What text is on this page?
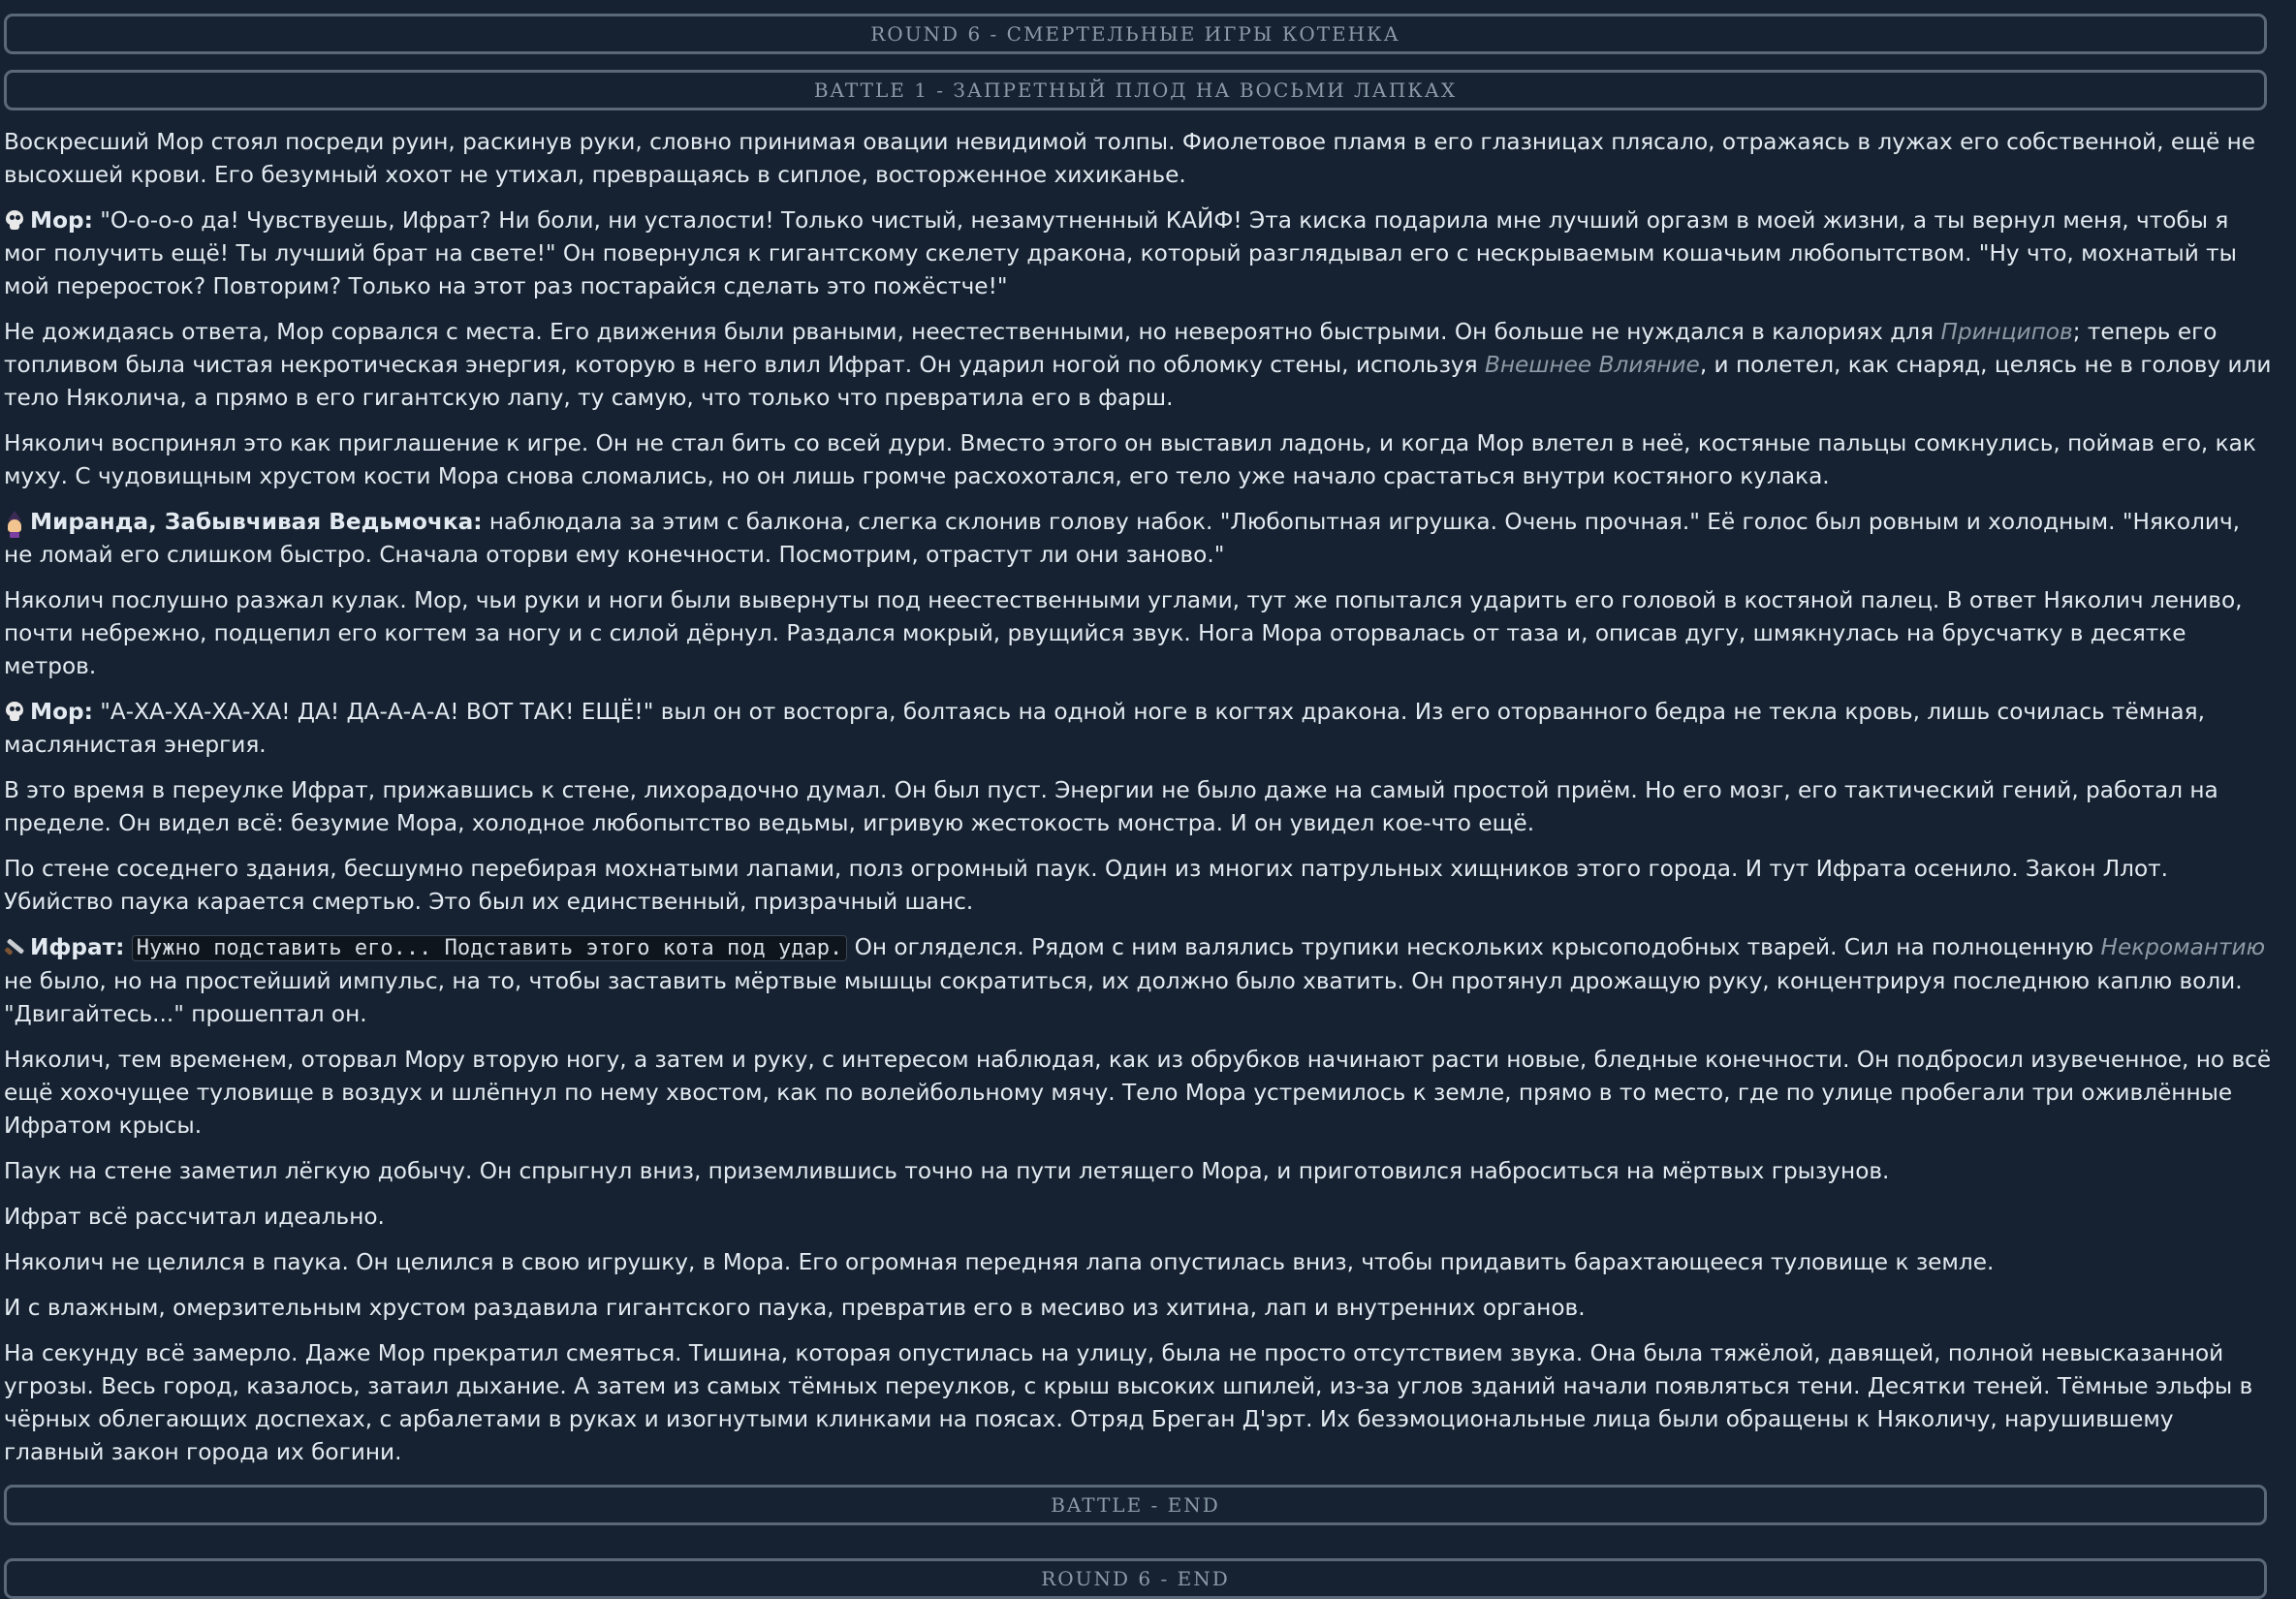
ROUND 6 - СМЕРТЕЛЬНЫЕ ИГРЫ КОТЕНКА
BATTLE 1 - ЗАПРЕТНЫЙ ПЛОД НА ВОСЬМИ ЛАПКАХ

Воскресший Мор стоял посреди руин, раскинув руки, словно принимая овации невидимой толпы. Фиолетовое пламя в его глазницах плясало, отражаясь в лужах его собственной, ещё не высохшей крови. Его безумный хохот не утихал, превращаясь в сиплое, восторженное хихиканье.

Мор: "О-о-о-о да! Чувствуешь, Ифрат? Ни боли, ни усталости! Только чистый, незамутненный КАЙФ! Эта киска подарила мне лучший оргазм в моей жизни, а ты вернул меня, чтобы я мог получить ещё! Ты лучший брат на свете!" Он повернулся к гигантскому скелету дракона, который разглядывал его с нескрываемым кошачьим любопытством. "Ну что, мохнатый ты мой переросток? Повторим? Только на этот раз постарайся сделать это пожёстче!"

Не дожидаясь ответа, Мор сорвался с места. Его движения были рваными, неестественными, но невероятно быстрыми. Он больше не нуждался в калориях для Принципов; теперь его топливом была чистая некротическая энергия, которую в него влил Ифрат. Он ударил ногой по обломку стены, используя Внешнее Влияние, и полетел, как снаряд, целясь не в голову или тело Няколича, а прямо в его гигантскую лапу, ту самую, что только что превратила его в фарш.

Някол​ич воспринял это как приглашение к игре. Он не стал бить со всей дури. Вместо этого он выставил ладонь, и когда Мор влетел в неё, костяные пальцы сомкнулись, поймав его, как муху. С чудовищным хрустом кости Мора снова сломались, но он лишь громче расхохотался, его тело уже начало срастаться внутри костяного кулака.

Миранда, Забывчивая Ведьмочка: наблюдала за этим с балкона, слегка склонив голову набок. "Любопытная игрушка. Очень прочная." Её голос был ровным и холодным. "Някол​ич, не ломай его слишком быстро. Сначала оторви ему конечности. Посмотрим, отрастут ли они заново."

Някол​ич послушно разжал кулак. Мор, чьи руки и ноги были вывернуты под неестественными углами, тут же попытался ударить его головой в костяной палец. В ответ Някол​ич лениво, почти небрежно, подцепил его когтем за ногу и с силой дёрнул. Раздался мокрый, рвущийся звук. Нога Мора оторвалась от таза и, описав дугу, шмякнулась на брусчатку в десятке метров.

Мор: "А-ХА-ХА-ХА-ХА! ДА! ДА-А-А-А! ВОТ ТАК! ЕЩЁ!" выл он от восторга, болтаясь на одной ноге в когтях дракона. Из его оторванного бедра не текла кровь, лишь сочилась тёмная, маслянистая энергия.

В это время в переулке Ифрат, прижавшись к стене, лихорадочно думал. Он был пуст. Энергии не было даже на самый простой приём. Но его мозг, его тактический гений, работал на пределе. Он видел всё: безумие Мора, холодное любопытство ведьмы, игривую жестокость монстра. И он увидел кое-что ещё.

По стене соседнего здания, бесшумно перебирая мохнатыми лапами, полз огромный паук. Один из многих патрульных хищников этого города. И тут Ифрата осенило. Закон Ллот. Убийство паука карается смертью. Это был их единственный, призрачный шанс.

Ифрат: Нужно подставить его... Подставить этого кота под удар. Он огляделся. Рядом с ним валялись трупики нескольких крысоподобных тварей. Сил на полноценную Некромантию не было, но на простейший импульс, на то, чтобы заставить мёртвые мышцы сократиться, их должно было хватить. Он протянул дрожащую руку, концентрируя последнюю каплю воли. "Двигайтесь..." прошептал он.

Някол​ич, тем временем, оторвал Мору вторую ногу, а затем и руку, с интересом наблюдая, как из обрубков начинают расти новые, бледные конечности. Он подбросил изувеченное, но всё ещё хохочущее туловище в воздух и шлёпнул по нему хвостом, как по волейбольному мячу. Тело Мора устремилось к земле, прямо в то место, где по улице пробегали три оживлённые Ифратом крысы.

Паук на стене заметил лёгкую добычу. Он спрыгнул вниз, приземлившись точно на пути летящего Мора, и приготовился наброситься на мёртвых грызунов.

Ифрат всё рассчитал идеально.

Някол​ич не целился в паука. Он целился в свою игрушку, в Мора. Его огромная передняя лапа опустилась вниз, чтобы придавить барахтающееся туловище к земле.

И с влажным, омерзительным хрустом раздавила гигантского паука, превратив его в месиво из хитина, лап и внутренних органов.

На секунду всё замерло. Даже Мор прекратил смеяться. Тишина, которая опустилась на улицу, была не просто отсутствием звука. Она была тяжёлой, давящей, полной невысказанной угрозы. Весь город, казалось, затаил дыхание. А затем из самых тёмных переулков, с крыш высоких шпилей, из-за углов зданий начали появляться тени. Десятки теней. Тёмные эльфы в чёрных облегающих доспехах, с арбалетами в руках и изогнутыми клинками на поясах. Отряд Бреган Д'эрт. Их безэмоциональные лица были обращены к Някол​ичу, нарушившему главный закон города их богини.

BATTLE - END
ROUND 6 - END
